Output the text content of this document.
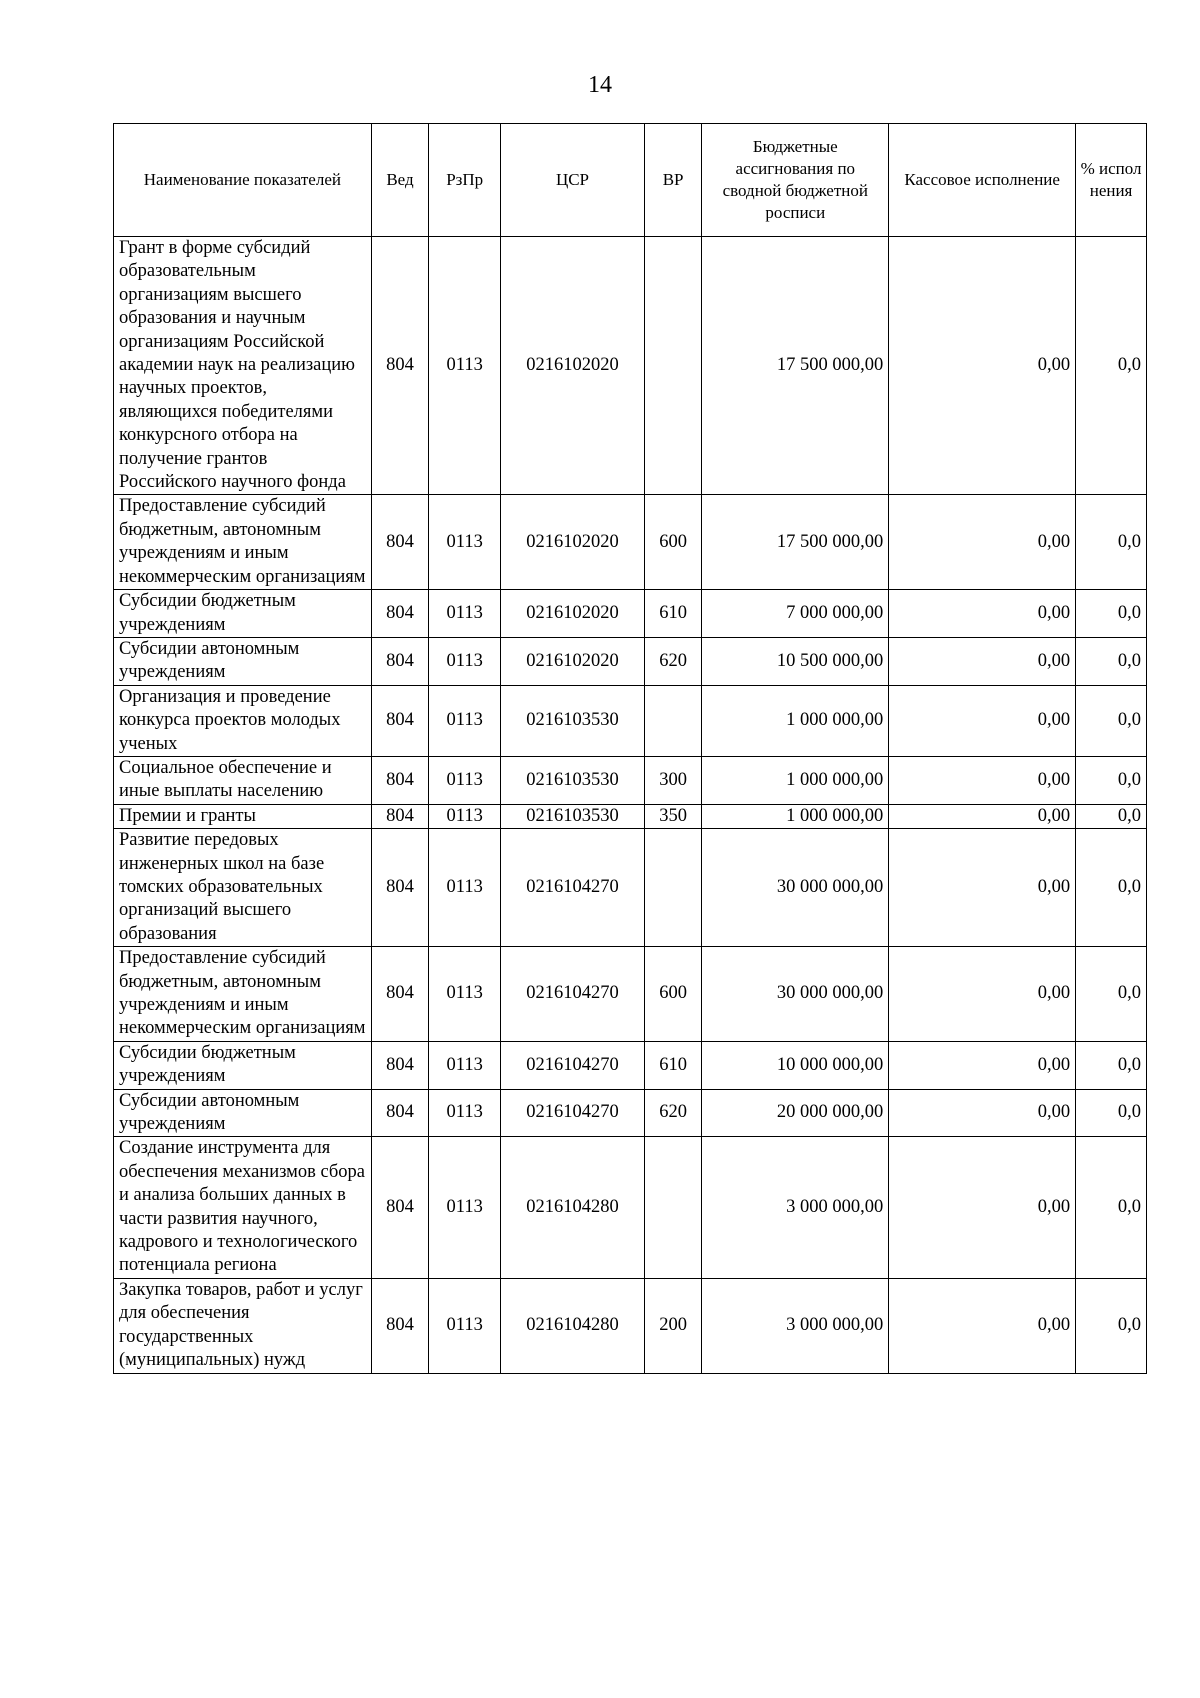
14
Наименование показателей	Вед	РзПр	ЦСР	ВР	Бюджетные ассигнования по сводной бюджетной росписи	Кассовое исполнение	% испол нения
Грант в форме субсидий образовательным организациям высшего образования и научным организациям Российской академии наук на реализацию научных проектов, являющихся победителями конкурсного отбора на получение грантов Российского научного фонда	804	0113	0216102020		17 500 000,00	0,00	0,0
Предоставление субсидий бюджетным, автономным учреждениям и иным некоммерческим организациям	804	0113	0216102020	600	17 500 000,00	0,00	0,0
Субсидии бюджетным учреждениям	804	0113	0216102020	610	7 000 000,00	0,00	0,0
Субсидии автономным учреждениям	804	0113	0216102020	620	10 500 000,00	0,00	0,0
Организация и проведение конкурса проектов молодых ученых	804	0113	0216103530		1 000 000,00	0,00	0,0
Социальное обеспечение и иные выплаты населению	804	0113	0216103530	300	1 000 000,00	0,00	0,0
Премии и гранты	804	0113	0216103530	350	1 000 000,00	0,00	0,0
Развитие передовых инженерных школ на базе томских образовательных организаций высшего образования	804	0113	0216104270		30 000 000,00	0,00	0,0
Предоставление субсидий бюджетным, автономным учреждениям и иным некоммерческим организациям	804	0113	0216104270	600	30 000 000,00	0,00	0,0
Субсидии бюджетным учреждениям	804	0113	0216104270	610	10 000 000,00	0,00	0,0
Субсидии автономным учреждениям	804	0113	0216104270	620	20 000 000,00	0,00	0,0
Создание инструмента для обеспечения механизмов сбора и анализа больших данных в части развития научного, кадрового и технологического потенциала региона	804	0113	0216104280		3 000 000,00	0,00	0,0
Закупка товаров, работ и услуг для обеспечения государственных (муниципальных) нужд	804	0113	0216104280	200	3 000 000,00	0,00	0,0
